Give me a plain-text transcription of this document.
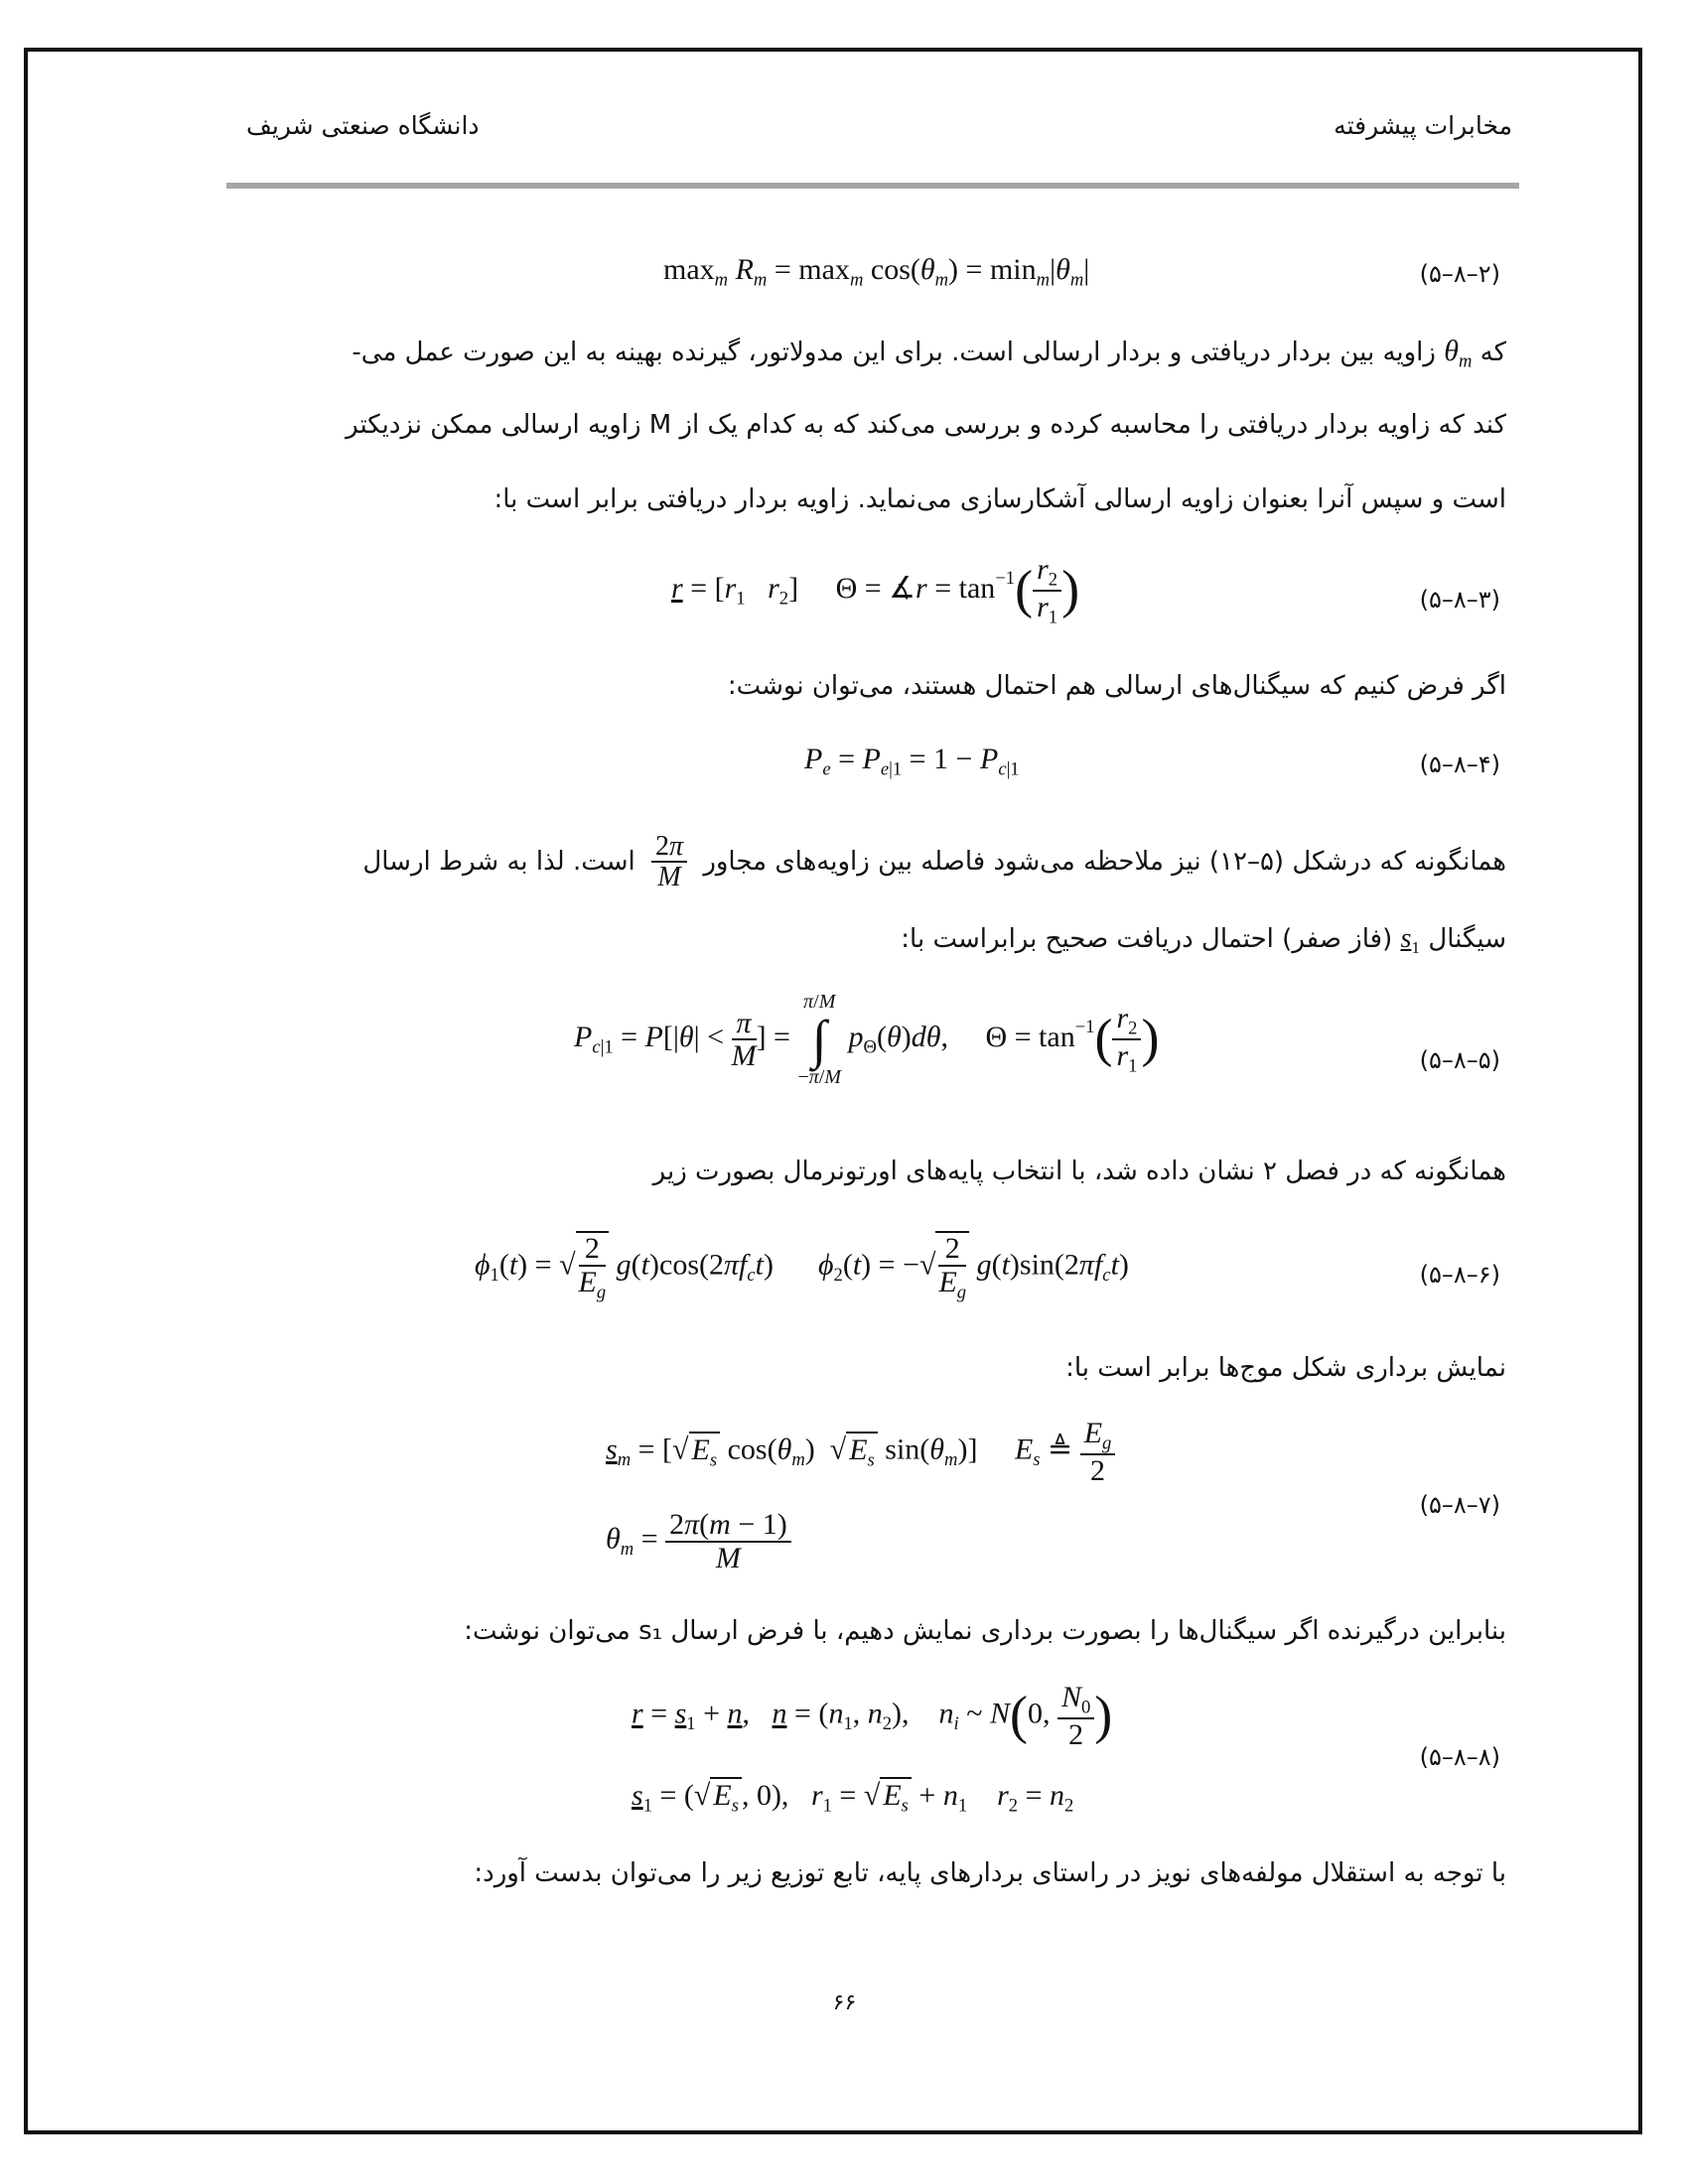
مخابرات پیشرفته
دانشگاه صنعتی شریف
$\max_m R_m = \max_m \cos(\theta_m) = \min_m|\theta_m|$	(۲–۸–۵)
که $\theta_m$ زاویه بین بردار دریافتی و بردار ارسالی است. برای این مدولاتور، گیرنده بهینه به این صورت عمل می-
کند که زاویه بردار دریافتی را محاسبه کرده و بررسی می‌کند که به کدام یک از M زاویه ارسالی ممکن نزدیکتر
است و سپس آنرا بعنوان زاویه ارسالی آشکارسازی می‌نماید. زاویه بردار دریافتی برابر است با:
$r = [r_1$ $r_2$]     Θ = ∡r = $\tan^{-1}( \frac{r_2}{r_1}$ )	(۳–۸–۵)
اگر فرض کنیم که سیگنال‌های ارسالی هم احتمال هستند، می‌توان نوشت:
$P_e = P_{e|1} = 1 - P_{c|1}$	(۴–۸–۵)
همانگونه که درشکل (۵–۱۲) نیز ملاحظه می‌شود فاصله بین زاویه‌های مجاور
$\frac{2\pi}{M}$
است. لذا به شرط ارسال
سیگنال $s_1$ (فاز صفر) احتمال دریافت صحیح برابراست با:
$P_{c|1} = P[|\theta| < \frac{\pi}{M}$ ] = π/M
∫
−π/M $p_\Theta(\theta)d\theta$,     $\Theta = \tan^{-1}( \frac{r_2}{r_1}$ )	(۵–۸–۵)
همانگونه که در فصل ۲ نشان داده شد، با انتخاب پایه‌های اورتونرمال بصورت زیر
$\phi_1(t)$ = √ $\frac{2}{E_g} g(t)\cos(2\pi f_ct)$      $\phi_2(t)$ = −√ $\frac{2}{E_g} g(t)\sin(2\pi f_ct)$	(۶–۸–۵)
نمایش برداری شکل موج‌ها برابر است با:
$s_m$ = [√ $E_s$ $\cos(\theta_m)$  √ $E_s$ $\sin(\theta_m)$]     $E_s$ ≜ $\frac{E_g}{2}$
$\theta_m = \frac{2\pi(m - 1)}{M}$
(۷–۸–۵)
بنابراین درگیرنده اگر سیگنال‌ها را بصورت برداری نمایش دهیم، با فرض ارسال s₁ می‌توان نوشت:
$r = s_1 + n$,   $n = (n_1$, $n_2$),    $n_i$ ~ N(0, $\frac{N_0}{2}$ )
$s_1$ = (√ $E_s$ , 0),   $r_1$ = √ $E_s + n_1$ $r_2 = n_2$
(۸–۸–۵)
با توجه به استقلال مولفه‌های نویز در راستای بردارهای پایه، تابع توزیع زیر را می‌توان بدست آورد:
۶۶
